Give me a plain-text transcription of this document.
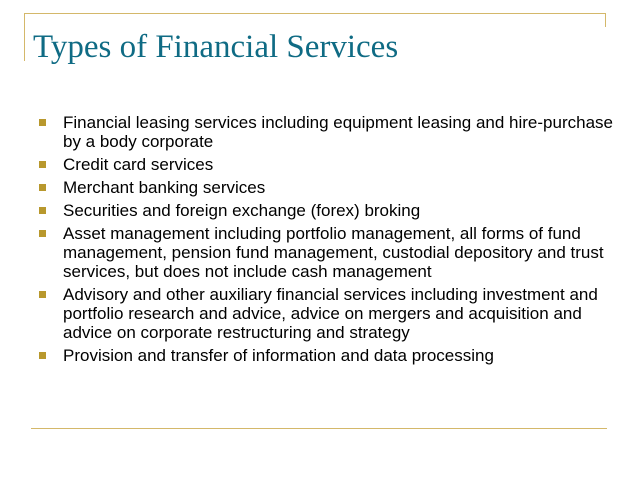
Types of Financial Services
Financial leasing services including equipment leasing and hire-purchase by a body corporate
Credit card services
Merchant banking services
Securities and foreign exchange (forex) broking
Asset management including portfolio management, all forms of fund management, pension fund management, custodial depository and trust services, but does not include cash management
Advisory and other auxiliary financial services including investment and portfolio research and advice, advice on mergers and acquisition and advice on corporate restructuring and strategy
Provision and transfer of information and data processing
